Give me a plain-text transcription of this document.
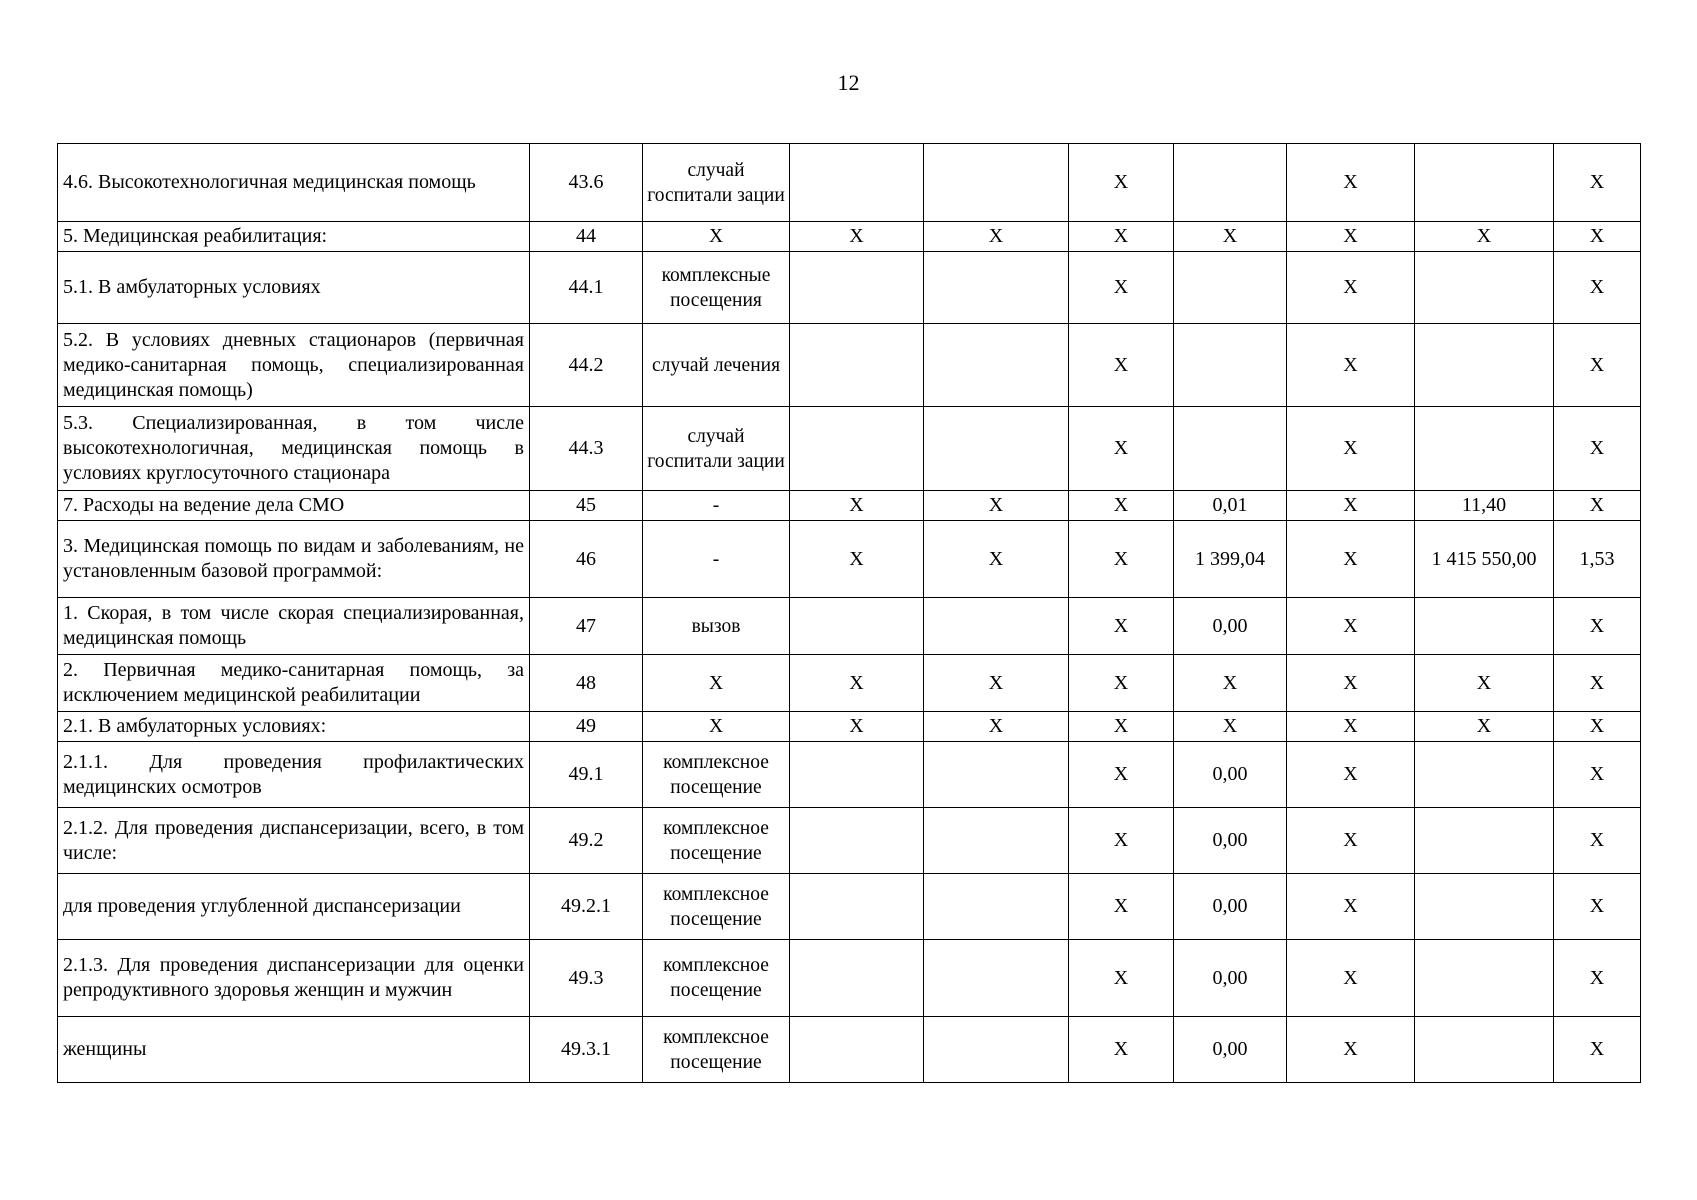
12
4.6. Высокотехнологичная медицинская помощь	43.6	случай госпитали зации			X		X		X
5. Медицинская реабилитация:	44	X	X	X	X	X	X	X	X
5.1. В амбулаторных условиях	44.1	комплексные посещения			X		X		X
5.2. В условиях дневных стационаров (первичная медико-санитарная помощь, специализированная медицинская помощь)	44.2	случай лечения			X		X		X
5.3. Специализированная, в том числе высокотехнологичная, медицинская помощь в условиях круглосуточного стационара	44.3	случай госпитали зации			X		X		X
7. Расходы на ведение дела СМО	45	-	X	X	X	0,01	X	11,40	X
3. Медицинская помощь по видам и заболеваниям, не установленным базовой программой:	46	-	X	X	X	1 399,04	X	1 415 550,00	1,53
1. Скорая, в том числе скорая специализированная, медицинская помощь	47	вызов			X	0,00	X		X
2. Первичная медико-санитарная помощь, за исключением медицинской реабилитации	48	X	X	X	X	X	X	X	X
2.1. В амбулаторных условиях:	49	X	X	X	X	X	X	X	X
2.1.1. Для проведения профилактических медицинских осмотров	49.1	комплексное посещение			X	0,00	X		X
2.1.2. Для проведения диспансеризации, всего, в том числе:	49.2	комплексное посещение			X	0,00	X		X
для проведения углубленной диспансеризации	49.2.1	комплексное посещение			X	0,00	X		X
2.1.3. Для проведения диспансеризации для оценки репродуктивного здоровья женщин и мужчин	49.3	комплексное посещение			X	0,00	X		X
женщины	49.3.1	комплексное посещение			X	0,00	X		X
